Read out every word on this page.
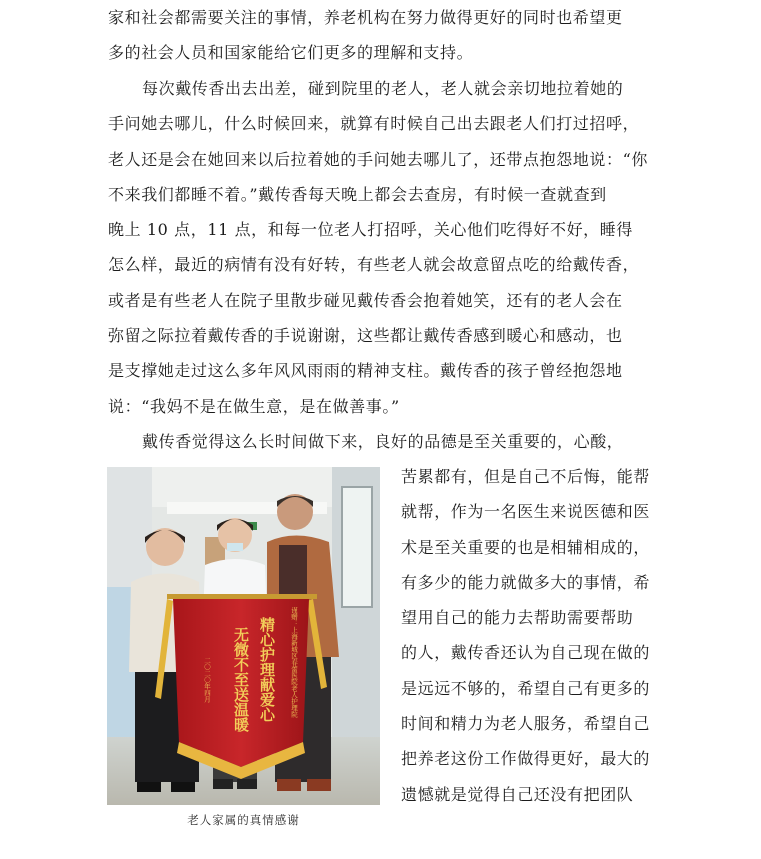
家和社会都需要关注的事情，养老机构在努力做得更好的同时也希望更
多的社会人员和国家能给它们更多的理解和支持。

每次戴传香出去出差，碰到院里的老人，老人就会亲切地拉着她的
手问她去哪儿，什么时候回来，就算有时候自己出去跟老人们打过招呼，
老人还是会在她回来以后拉着她的手问她去哪儿了，还带点抱怨地说：“你
不来我们都睡不着。”戴传香每天晚上都会去查房，有时候一查就查到
晚上 10 点，11 点，和每一位老人打招呼，关心他们吃得好不好，睡得
怎么样，最近的病情有没有好转，有些老人就会故意留点吃的给戴传香，
或者是有些老人在院子里散步碰见戴传香会抱着她笑，还有的老人会在
弥留之际拉着戴传香的手说谢谢，这些都让戴传香感到暖心和感动，也
是支撑她走过这么多年风风雨雨的精神支柱。戴传香的孩子曾经抱怨地
说：“我妈不是在做生意，是在做善事。”

戴传香觉得这么长时间做下来，良好的品德是至关重要的，心酸，

苦累都有，但是自己不后悔，能帮
就帮，作为一名医生来说医德和医
术是至关重要的也是相辅相成的，
有多少的能力就做多大的事情，希
望用自己的能力去帮助需要帮助
的人，戴传香还认为自己现在做的
是远远不够的，希望自己有更多的
时间和精力为老人服务，希望自己
把养老这份工作做得更好，最大的
遗憾就是觉得自己还没有把团队
精心护理献爱心
无微不至送温暖	谨赠：上海新城区春蕾医院老人护理院
二〇二〇年四月
老人家属的真情感谢
